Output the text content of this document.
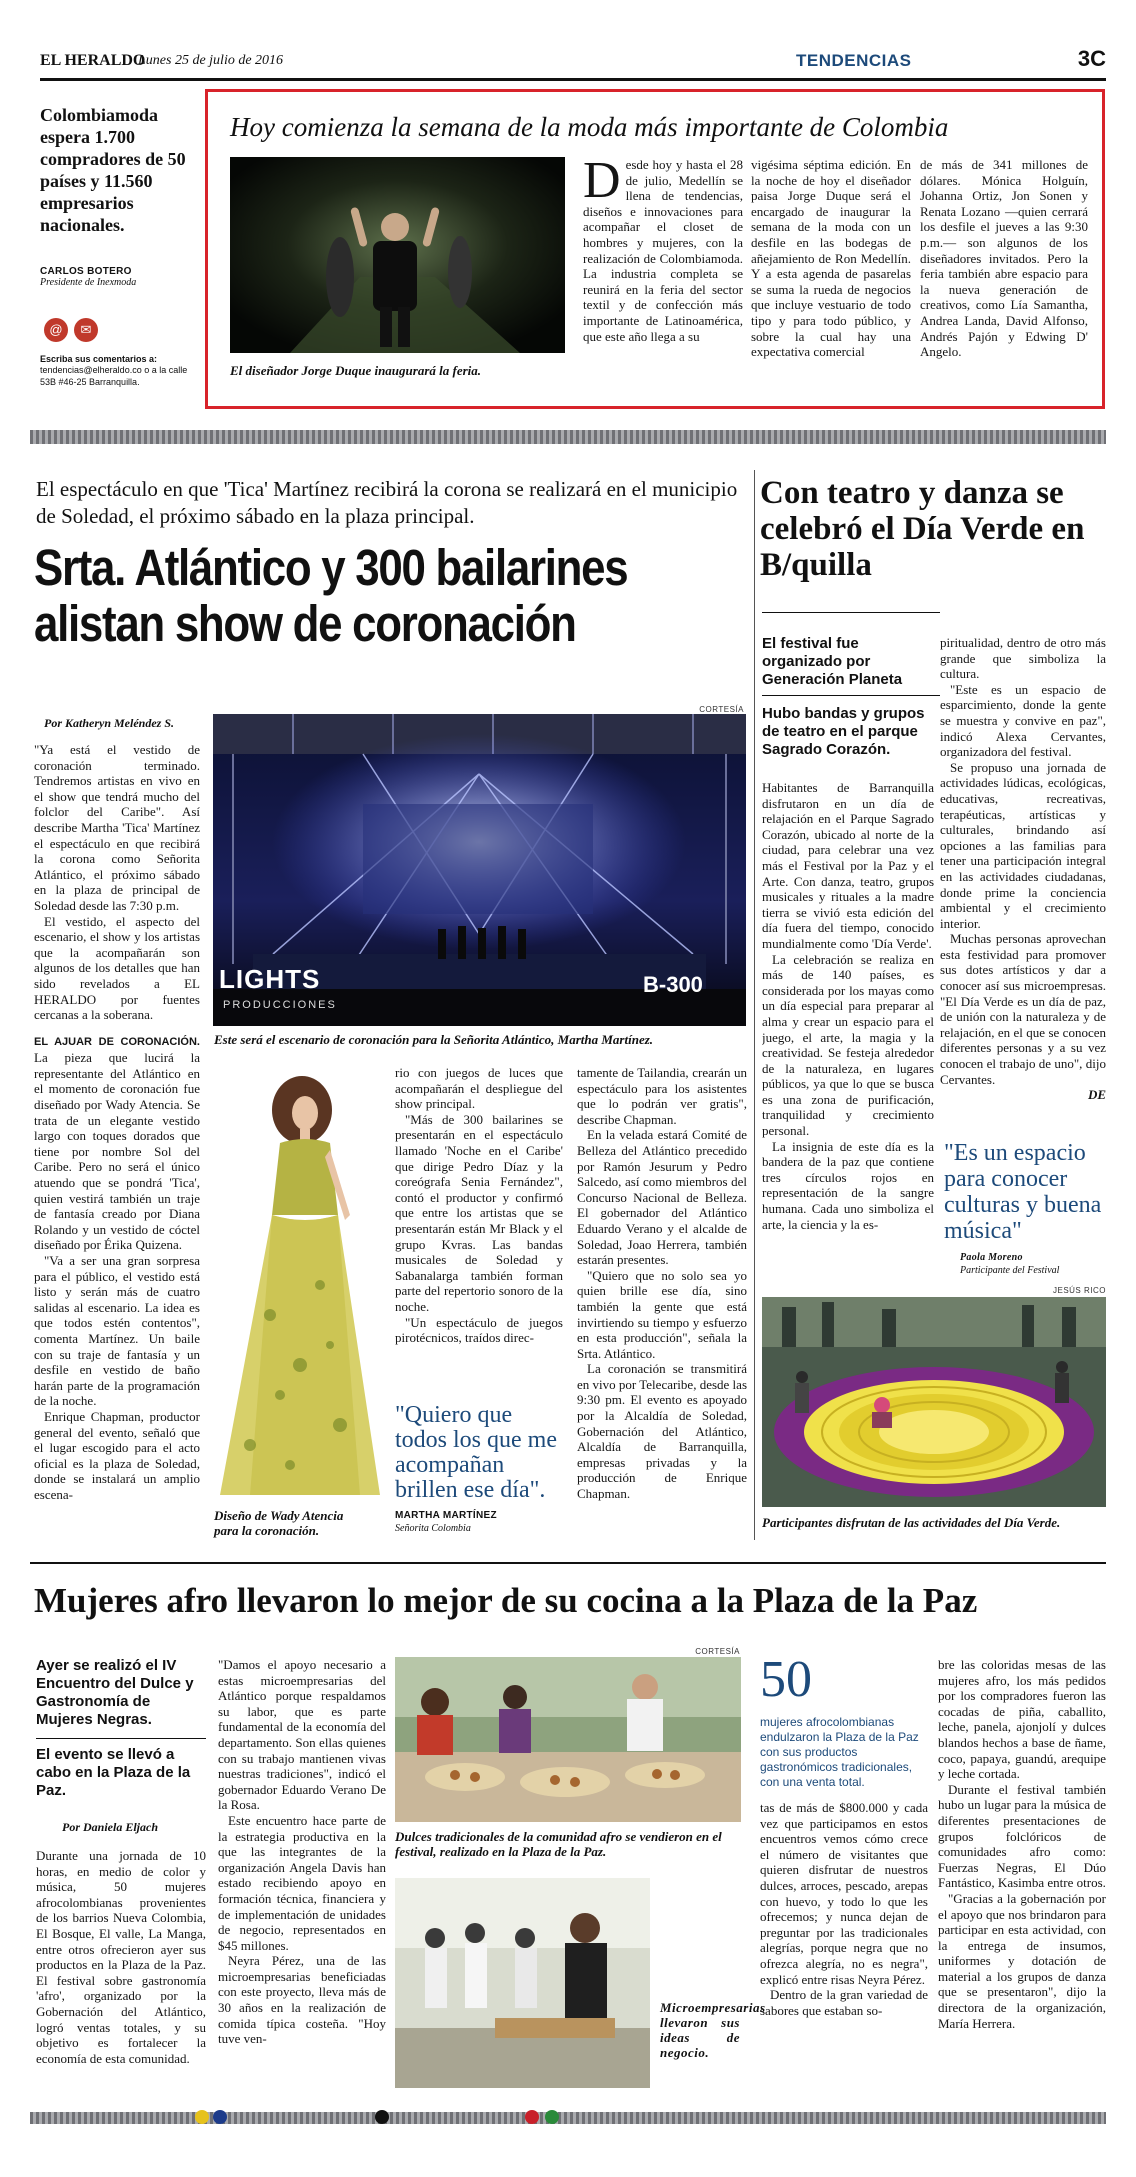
EL HERALDO
Lunes 25 de julio de 2016	TENDENCIAS	3C
Colombiamoda espera 1.700 compradores de 50 países y 11.560 empresarios nacionales.
CARLOS BOTERO
Presidente de Inexmoda
@	✉
Escriba sus comentarios a:
tendencias@elheraldo.co o a la calle 53B #46-25 Barranquilla.
Hoy comienza la semana de la moda más importante de Colombia
El diseñador Jorge Duque inaugurará la feria.
D esde hoy y hasta el 28 de julio, Medellín se llena de tendencias, diseños e innovaciones para acompañar el closet de hombres y mujeres, con la realización de Colombiamoda. La industria completa se reunirá en la feria del sector textil y de confección más importante de Latinoamérica, que este año llega a su
vigésima séptima edición. En la noche de hoy el diseñador paisa Jorge Duque será el encargado de inaugurar la semana de la moda con un desfile en las bodegas de añejamiento de Ron Medellín. Y a esta agenda de pasarelas se suma la rueda de negocios que incluye vestuario de todo tipo y para todo público, y sobre la cual hay una expectativa comercial
de más de 341 millones de dólares. Mónica Holguín, Johanna Ortiz, Jon Sonen y Renata Lozano —quien cerrará los desfile el jueves a las 9:30 p.m.— son algunos de los diseñadores invitados. Pero la feria también abre espacio para la nueva generación de creativos, como Lía Samantha, Andrea Landa, David Alfonso, Andrés Pajón y Edwing D' Angelo.
El espectáculo en que 'Tica' Martínez recibirá la corona se realizará en el municipio de Soledad, el próximo sábado en la plaza principal.
Srta. Atlántico y 300 bailarines alistan show de coronación
Por Katheryn Meléndez S.

"Ya está el vestido de coronación terminado. Tendremos artistas en vivo en el show que tendrá mucho del folclor del Caribe". Así describe Martha 'Tica' Martínez el espectáculo en que recibirá la corona como Señorita Atlántico, el próximo sábado en la plaza de principal de Soledad desde las 7:30 p.m.

El vestido, el aspecto del escenario, el show y los artistas que la acompañarán son algunos de los detalles que han sido revelados a EL HERALDO por fuentes cercanas a la soberana.

EL AJUAR DE CORONACIÓN. La pieza que lucirá la representante del Atlántico en el momento de coronación fue diseñado por Wady Atencia. Se trata de un elegante vestido largo con toques dorados que tiene por nombre Sol del Caribe. Pero no será el único atuendo que se pondrá 'Tica', quien vestirá también un traje de fantasía creado por Diana Rolando y un vestido de cóctel diseñado por Érika Quizena.

"Va a ser una gran sorpresa para el público, el vestido está listo y serán más de cuatro salidas al escenario. La idea es que todos estén contentos", comenta Martínez. Un baile con su traje de fantasía y un desfile en vestido de baño harán parte de la programación de la noche.

Enrique Chapman, productor general del evento, señaló que el lugar escogido para el acto oficial es la plaza de Soledad, donde se instalará un amplio escena-

CORTESÍA
LIGHTS
PRODUCCIONES
B-300
Este será el escenario de coronación para la Señorita Atlántico, Martha Martínez.
Diseño de Wady Atencia para la coronación.

rio con juegos de luces que acompañarán el despliegue del show principal.

"Más de 300 bailarines se presentarán en el espectáculo llamado 'Noche en el Caribe' que dirige Pedro Díaz y la coreógrafa Senia Fernández", contó el productor y confirmó que entre los artistas que se presentarán están Mr Black y el grupo Kvras. Las bandas musicales de Soledad y Sabanalarga también forman parte del repertorio sonoro de la noche.

"Un espectáculo de juegos pirotécnicos, traídos direc-

"Quiero que todos los que me acompañan brillen ese día".
MARTHA MARTÍNEZ
Señorita Colombia

tamente de Tailandia, crearán un espectáculo para los asistentes que lo podrán ver gratis", describe Chapman.

En la velada estará Comité de Belleza del Atlántico precedido por Ramón Jesurum y Pedro Salcedo, así como miembros del Concurso Nacional de Belleza. El gobernador del Atlántico Eduardo Verano y el alcalde de Soledad, Joao Herrera, también estarán presentes.

"Quiero que no solo sea yo quien brille ese día, sino también la gente que está invirtiendo su tiempo y esfuerzo en esta producción", señala la Srta. Atlántico.

La coronación se transmitirá en vivo por Telecaribe, desde las 9:30 pm. El evento es apoyado por la Alcaldía de Soledad, Gobernación del Atlántico, Alcaldía de Barranquilla, empresas privadas y la producción de Enrique Chapman.

Con teatro y danza se celebró el Día Verde en B/quilla
El festival fue organizado por Generación Planeta
Hubo bandas y grupos de teatro en el parque Sagrado Corazón.

Habitantes de Barranquilla disfrutaron en un día de relajación en el Parque Sagrado Corazón, ubicado al norte de la ciudad, para celebrar una vez más el Festival por la Paz y el Arte. Con danza, teatro, grupos musicales y rituales a la madre tierra se vivió esta edición del día fuera del tiempo, conocido mundialmente como 'Día Verde'.

La celebración se realiza en más de 140 países, es considerada por los mayas como un día especial para preparar al alma y crear un espacio para el juego, el arte, la magia y la creatividad. Se festeja alrededor de la naturaleza, en lugares públicos, ya que lo que se busca es una zona de purificación, tranquilidad y crecimiento personal.

La insignia de este día es la bandera de la paz que contiene tres círculos rojos en representación de la sangre humana. Cada uno simboliza el arte, la ciencia y la es-

piritualidad, dentro de otro más grande que simboliza la cultura.

"Este es un espacio de esparcimiento, donde la gente se muestra y convive en paz", indicó Alexa Cervantes, organizadora del festival.

Se propuso una jornada de actividades lúdicas, ecológicas, educativas, recreativas, terapéuticas, artísticas y culturales, brindando así opciones a las familias para tener una participación integral en las actividades ciudadanas, donde prime la conciencia ambiental y el crecimiento interior.

Muchas personas aprovechan esta festividad para promover sus dotes artísticos y dar a conocer así sus microempresas. "El Día Verde es un día de paz, de unión con la naturaleza y de relajación, en el que se conocen diferentes personas y a su vez conocen el trabajo de uno", dijo Cervantes.

DE

"Es un espacio para conocer culturas y buena música"
Paola Moreno
Participante del Festival
JESÚS RICO
Participantes disfrutan de las actividades del Día Verde.
Mujeres afro llevaron lo mejor de su cocina a la Plaza de la Paz
Ayer se realizó el IV Encuentro del Dulce y Gastronomía de Mujeres Negras.
El evento se llevó a cabo en la Plaza de la Paz.
Por Daniela Eljach

Durante una jornada de 10 horas, en medio de color y música, 50 mujeres afrocolombianas provenientes de los barrios Nueva Colombia, El Bosque, El valle, La Manga, entre otros ofrecieron ayer sus productos en la Plaza de la Paz. El festival sobre gastronomía 'afro', organizado por la Gobernación del Atlántico, logró ventas totales, y su objetivo es fortalecer la economía de esta comunidad.

"Damos el apoyo necesario a estas microempresarias del Atlántico porque respaldamos su labor, que es parte fundamental de la economía del departamento. Son ellas quienes con su trabajo mantienen vivas nuestras tradiciones", indicó el gobernador Eduardo Verano De la Rosa.

Este encuentro hace parte de la estrategia productiva en la que las integrantes de la organización Angela Davis han estado recibiendo apoyo en formación técnica, financiera y de implementación de unidades de negocio, representados en $45 millones.

Neyra Pérez, una de las microempresarias beneficiadas con este proyecto, lleva más de 30 años en la realización de comida típica costeña. "Hoy tuve ven-

CORTESÍA
Dulces tradicionales de la comunidad afro se vendieron en el festival, realizado en la Plaza de la Paz.
Microempresarias llevaron sus ideas de negocio.
50
mujeres afrocolombianas endulzaron la Plaza de la Paz con sus productos gastronómicos tradicionales, con una venta total.

tas de más de $800.000 y cada vez que participamos en estos encuentros vemos cómo crece el número de visitantes que quieren disfrutar de nuestros dulces, arroces, pescado, arepas con huevo, y todo lo que les ofrecemos; y nunca dejan de preguntar por las tradicionales alegrías, porque negra que no ofrezca alegría, no es negra", explicó entre risas Neyra Pérez.

Dentro de la gran variedad de sabores que estaban so-

bre las coloridas mesas de las mujeres afro, los más pedidos por los compradores fueron las cocadas de piña, caballito, leche, panela, ajonjolí y dulces blandos hechos a base de ñame, coco, papaya, guandú, arequipe y leche cortada.

Durante el festival también hubo un lugar para la música de diferentes presentaciones de grupos folclóricos de comunidades afro como: Fuerzas Negras, El Dúo Fantástico, Kasimba entre otros.

"Gracias a la gobernación por el apoyo que nos brindaron para participar en esta actividad, con la entrega de insumos, uniformes y dotación de material a los grupos de danza que se presentaron", dijo la directora de la organización, María Herrera.
